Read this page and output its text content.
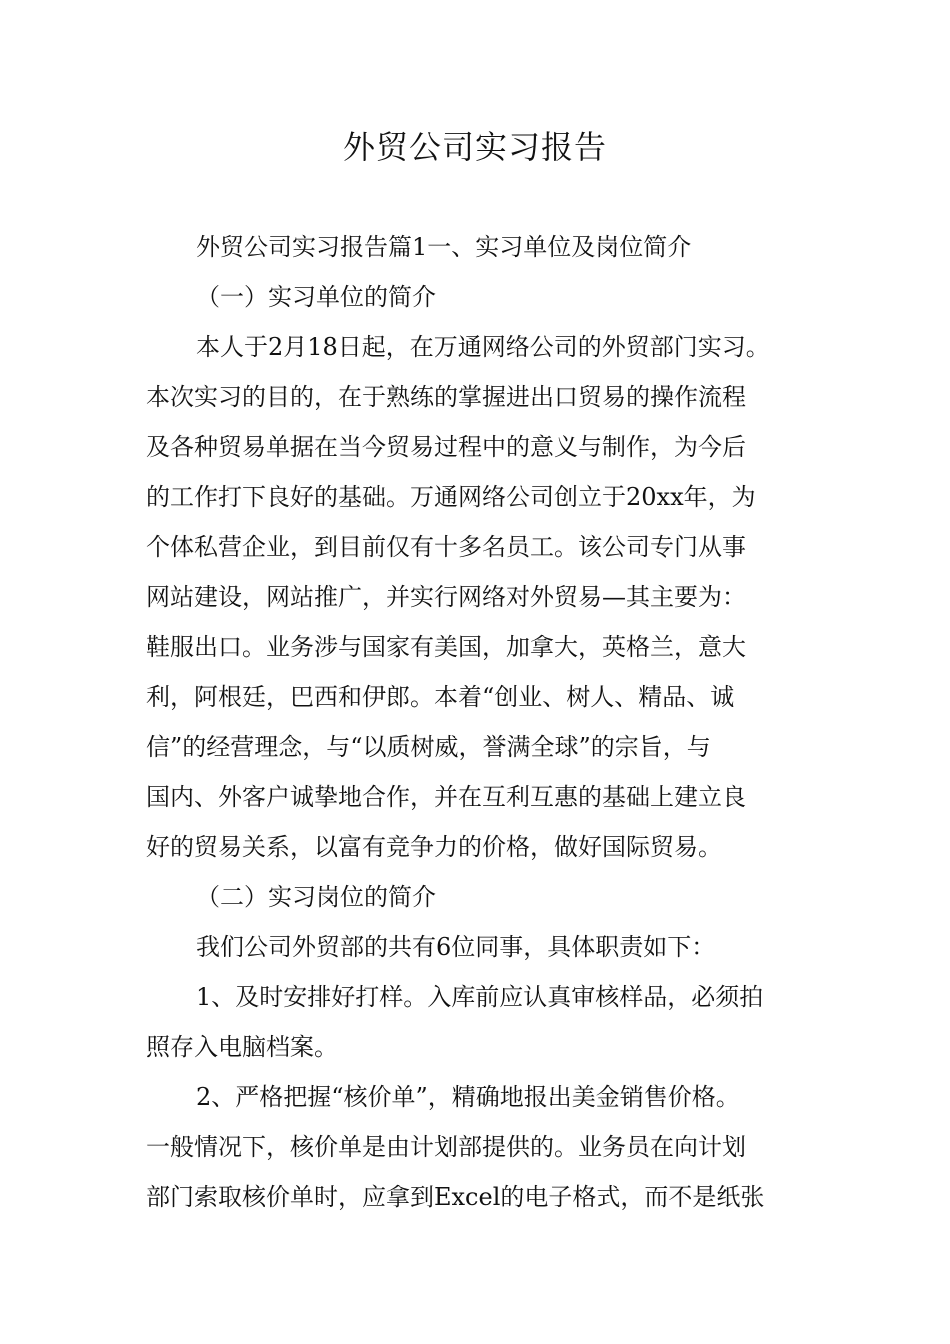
外贸公司实习报告

外贸公司实习报告篇1一、实习单位及岗位简介

（一）实习单位的简介

本人于2月18日起，在万通网络公司的外贸部门实习。

本次实习的目的，在于熟练的掌握进出口贸易的操作流程

及各种贸易单据在当今贸易过程中的意义与制作，为今后

的工作打下良好的基础。万通网络公司创立于20xx年，为

个体私营企业，到目前仅有十多名员工。该公司专门从事

网站建设，网站推广，并实行网络对外贸易—其主要为：

鞋服出口。业务涉与国家有美国，加拿大，英格兰，意大

利，阿根廷，巴西和伊郎。本着“创业、树人、精品、诚

信”的经营理念，与“以质树威，誉满全球”的宗旨，与

国内、外客户诚挚地合作，并在互利互惠的基础上建立良

好的贸易关系，以富有竞争力的价格，做好国际贸易。

（二）实习岗位的简介

我们公司外贸部的共有6位同事，具体职责如下：

1、及时安排好打样。入库前应认真审核样品，必须拍

照存入电脑档案。

2、严格把握“核价单”，精确地报出美金销售价格。

一般情况下，核价单是由计划部提供的。业务员在向计划

部门索取核价单时，应拿到Excel的电子格式，而不是纸张
